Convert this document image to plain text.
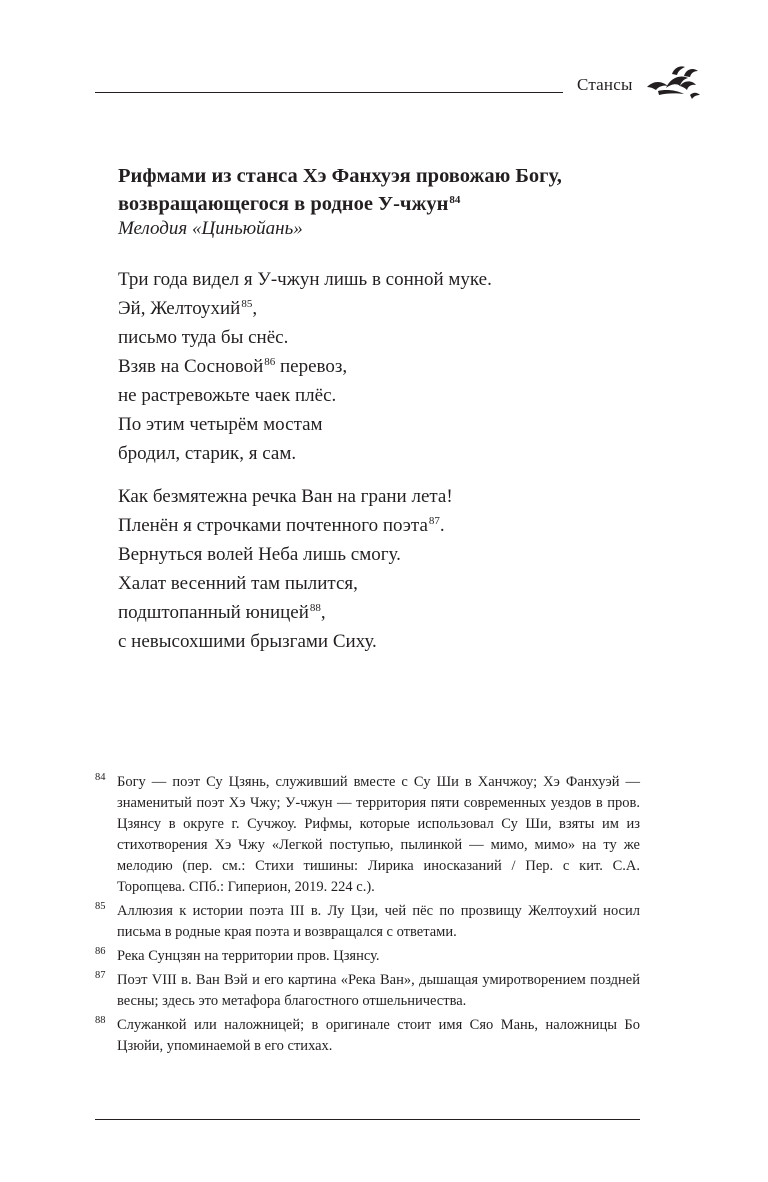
Стансы
Рифмами из станса Хэ Фанхуэя провожаю Богу,
возвращающегося в родное У-чжун$^{84}$
Мелодия «Циньюйань»
Три года видел я У-чжун лишь в сонной муке.
Эй, Желтоухий$^{85}$,
письмо туда бы снёс.
Взяв на Сосновой$^{86}$ перевоз,
не растревожьте чаек плёс.
По этим четырём мостам
бродил, старик, я сам.
Как безмятежна речка Ван на грани лета!
Пленён я строчками почтенного поэта$^{87}$.
Вернуться волей Неба лишь смогу.
Халат весенний там пылится,
подштопанный юницей$^{88}$,
с невысохшими брызгами Сиху.
84 Богу — поэт Су Цзянь, служивший вместе с Су Ши в Ханчжоу; Хэ Фанхуэй — знаменитый поэт Хэ Чжу; У-чжун — территория пяти современных уездов в пров. Цзянсу в округе г. Сучжоу. Рифмы, которые использовал Су Ши, взяты им из стихотворения Хэ Чжу «Легкой поступью, пылинкой — мимо, мимо» на ту же мелодию (пер. см.: Стихи тишины: Лирика иносказаний / Пер. с кит. С.А. Торопцева. СПб.: Гиперион, 2019. 224 с.).
85 Аллюзия к истории поэта III в. Лу Цзи, чей пёс по прозвищу Желтоухий носил письма в родные края поэта и возвращался с ответами.
86 Река Сунцзян на территории пров. Цзянсу.
87 Поэт VIII в. Ван Вэй и его картина «Река Ван», дышащая умиротворением поздней весны; здесь это метафора благостного отшельничества.
88 Служанкой или наложницей; в оригинале стоит имя Сяо Мань, наложницы Бо Цзюйи, упоминаемой в его стихах.
